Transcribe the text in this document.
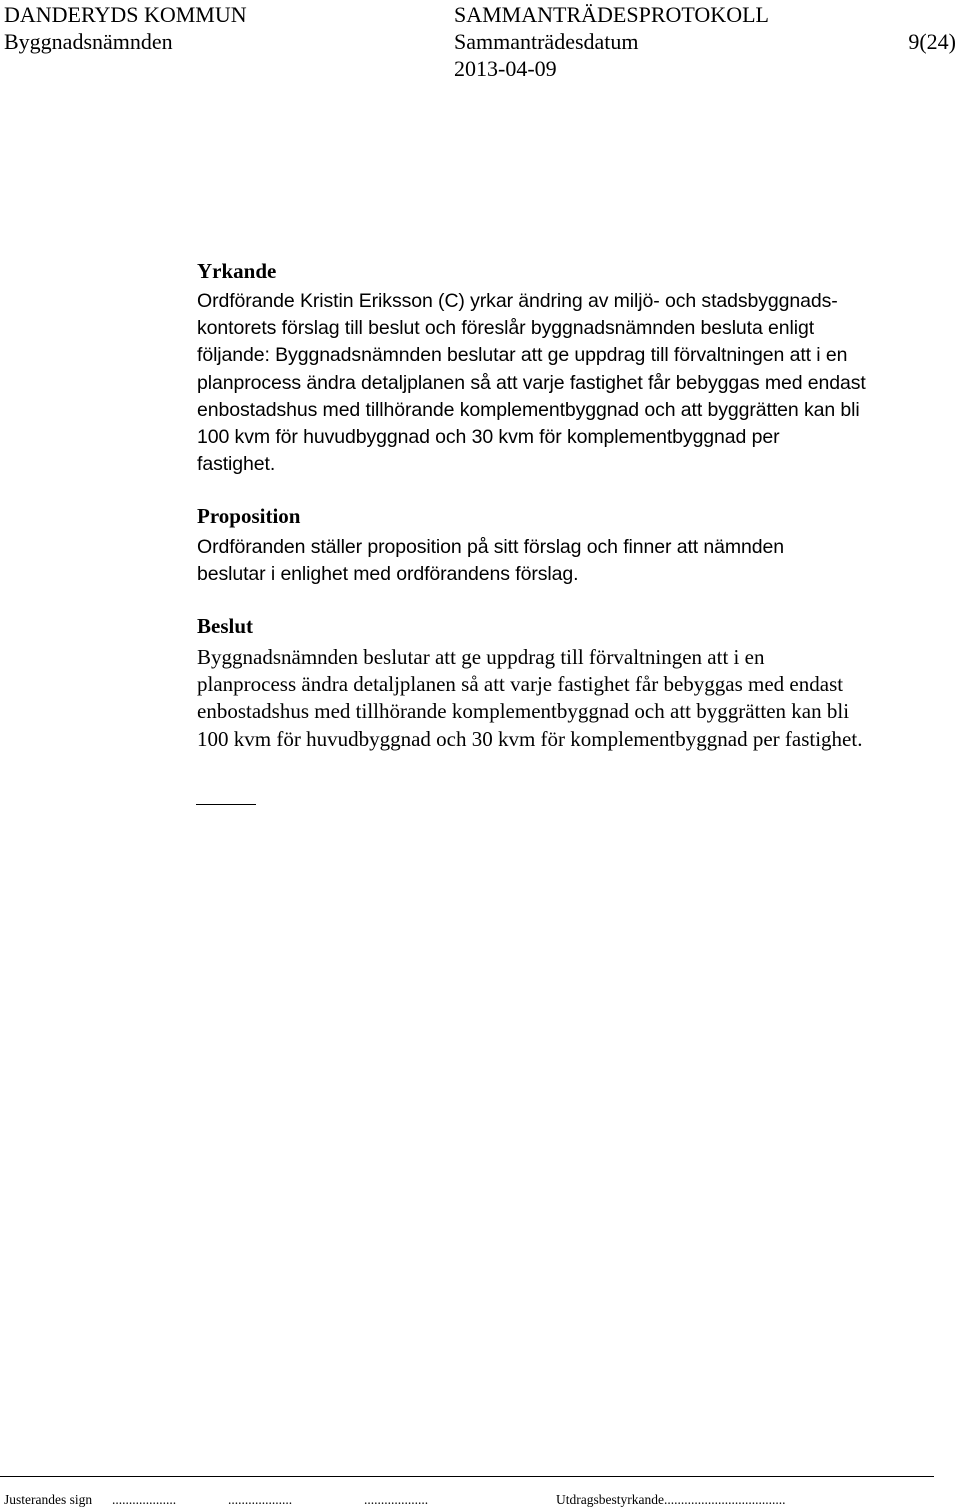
DANDERYDS KOMMUN
Byggnadsnämnden
SAMMANTRÄDESPROTOKOLL
Sammanträdesdatum
2013-04-09
9(24)
Yrkande
Ordförande Kristin Eriksson (C) yrkar ändring av miljö- och stadsbyggnads-
kontorets förslag till beslut och föreslår byggnadsnämnden besluta enligt
följande: Byggnadsnämnden beslutar att ge uppdrag till förvaltningen att i en
planprocess ändra detaljplanen så att varje fastighet får bebyggas med endast
enbostadshus med tillhörande komplementbyggnad och att byggrätten kan bli
100 kvm för huvudbyggnad och 30 kvm för komplementbyggnad per
fastighet.
Proposition
Ordföranden ställer proposition på sitt förslag och finner att nämnden
beslutar i enlighet med ordförandens förslag.
Beslut
Byggnadsnämnden beslutar att ge uppdrag till förvaltningen att i en
planprocess ändra detaljplanen så att varje fastighet får bebyggas med endast
enbostadshus med tillhörande komplementbyggnad och att byggrätten kan bli
100 kvm för huvudbyggnad och 30 kvm för komplementbyggnad per fastighet.
Justerandes sign ...................	...................	...................	Utdragsbestyrkande....................................
